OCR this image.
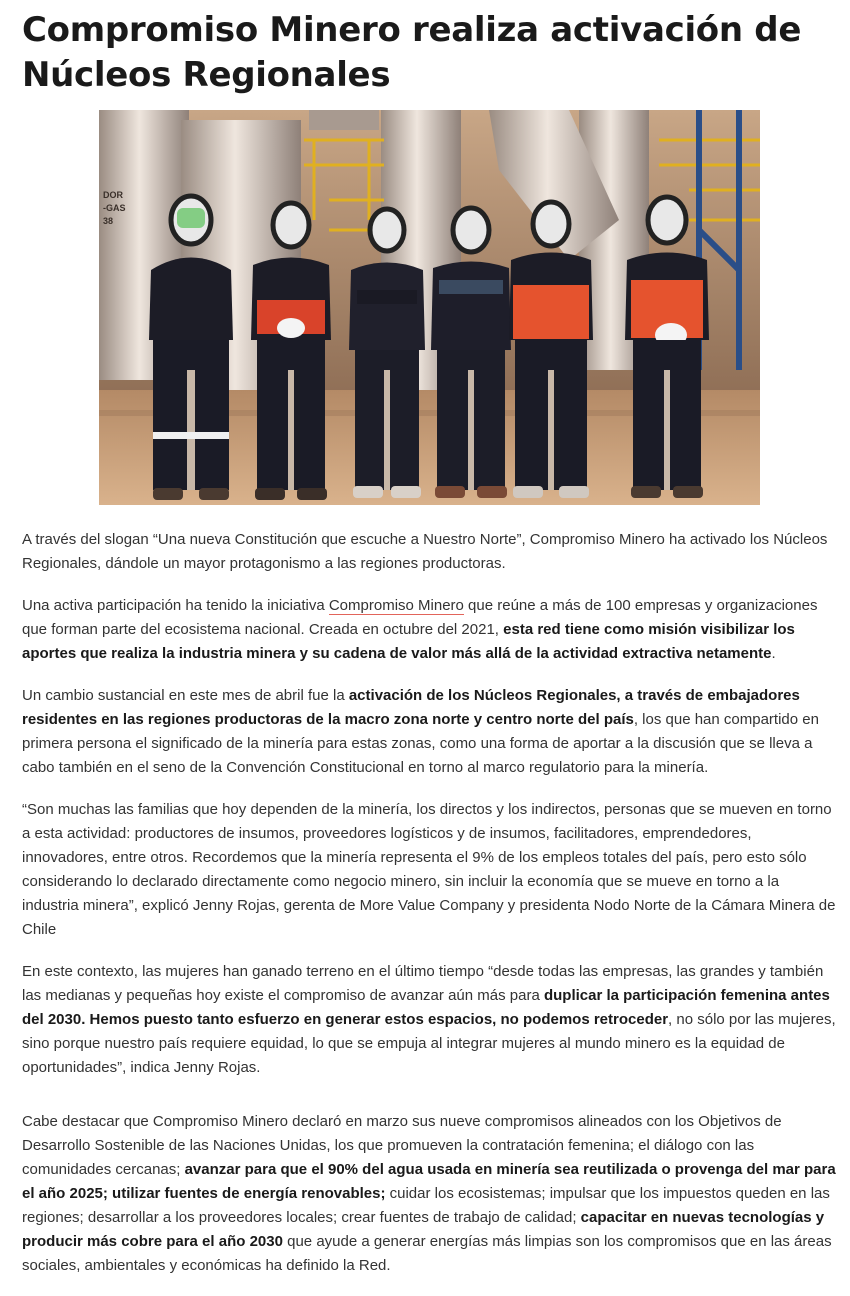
Compromiso Minero realiza activación de Núcleos Regionales
DOR
-GAS
38

A través del slogan “Una nueva Constitución que escuche a Nuestro Norte”, Compromiso Minero ha activado los Núcleos Regionales, dándole un mayor protagonismo a las regiones productoras.

Una activa participación ha tenido la iniciativa Compromiso Minero que reúne a más de 100 empresas y organizaciones que forman parte del ecosistema nacional. Creada en octubre del 2021, esta red tiene como misión visibilizar los aportes que realiza la industria minera y su cadena de valor más allá de la actividad extractiva netamente.

Un cambio sustancial en este mes de abril fue la activación de los Núcleos Regionales, a través de embajadores residentes en las regiones productoras de la macro zona norte y centro norte del país, los que han compartido en primera persona el significado de la minería para estas zonas, como una forma de aportar a la discusión que se lleva a cabo también en el seno de la Convención Constitucional en torno al marco regulatorio para la minería.

“Son muchas las familias que hoy dependen de la minería, los directos y los indirectos, personas que se mueven en torno a esta actividad: productores de insumos, proveedores logísticos y de insumos, facilitadores, emprendedores, innovadores, entre otros. Recordemos que la minería representa el 9% de los empleos totales del país, pero esto sólo considerando lo declarado directamente como negocio minero, sin incluir la economía que se mueve en torno a la industria minera”, explicó Jenny Rojas, gerenta de More Value Company y presidenta Nodo Norte de la Cámara Minera de Chile

En este contexto, las mujeres han ganado terreno en el último tiempo “desde todas las empresas, las grandes y también las medianas y pequeñas hoy existe el compromiso de avanzar aún más para duplicar la participación femenina antes del 2030. Hemos puesto tanto esfuerzo en generar estos espacios, no podemos retroceder, no sólo por las mujeres, sino porque nuestro país requiere equidad, lo que se empuja al integrar mujeres al mundo minero es la equidad de oportunidades”, indica Jenny Rojas.

Cabe destacar que Compromiso Minero declaró en marzo sus nueve compromisos alineados con los Objetivos de Desarrollo Sostenible de las Naciones Unidas, los que promueven la contratación femenina; el diálogo con las comunidades cercanas; avanzar para que el 90% del agua usada en minería sea reutilizada o provenga del mar para el año 2025; utilizar fuentes de energía renovables; cuidar los ecosistemas; impulsar que los impuestos queden en las regiones; desarrollar a los proveedores locales; crear fuentes de trabajo de calidad; capacitar en nuevas tecnologías y producir más cobre para el año 2030 que ayude a generar energías más limpias son los compromisos que en las áreas sociales, ambientales y económicas ha definido la Red.
